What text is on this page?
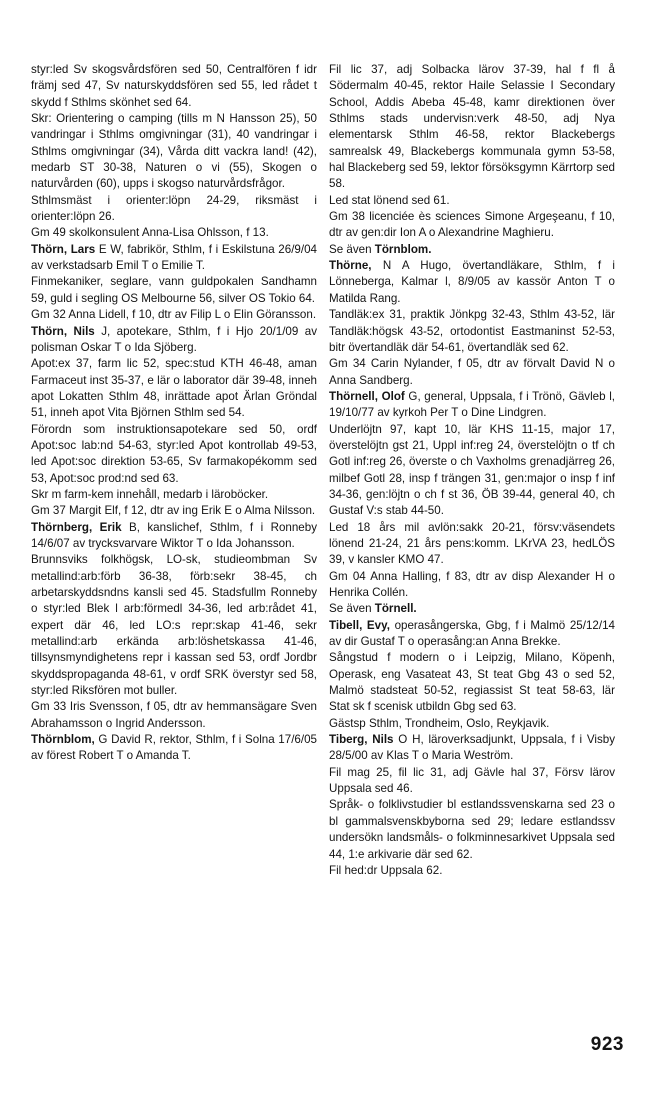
styr:led Sv skogsvårdsfören sed 50, Centralfören f idr främj sed 47, Sv naturskyddsfören sed 55, led rådet t skydd f Sthlms skönhet sed 64.

Skr: Orientering o camping (tills m N Hansson 25), 50 vandringar i Sthlms omgivningar (31), 40 vandringar i Sthlms omgivningar (34), Vårda ditt vackra land! (42), medarb ST 30-38, Naturen o vi (55), Skogen o naturvården (60), upps i skogso naturvårdsfrågor.

Sthlmsmäst i orienter:löpn 24-29, riksmäst i orienter:löpn 26.

Gm 49 skolkonsulent Anna-Lisa Ohlsson, f 13.

Thörn, Lars E W, fabrikör, Sthlm, f i Eskilstuna 26/9/04 av verkstadsarb Emil T o Emilie T.

Finmekaniker, seglare, vann guldpokalen Sandhamn 59, guld i segling OS Melbourne 56, silver OS Tokio 64.

Gm 32 Anna Lidell, f 10, dtr av Filip L o Elin Göransson.

Thörn, Nils J, apotekare, Sthlm, f i Hjo 20/1/09 av polisman Oskar T o Ida Sjöberg.

Apot:ex 37, farm lic 52, spec:stud KTH 46-48, aman Farmaceut inst 35-37, e lär o laborator där 39-48, inneh apot Lokatten Sthlm 48, inrättade apot Ärlan Gröndal 51, inneh apot Vita Björnen Sthlm sed 54.

Förordn som instruktionsapotekare sed 50, ordf Apot:soc lab:nd 54-63, styr:led Apot kontrollab 49-53, led Apot:soc direktion 53-65, Sv farmakopékomm sed 53, Apot:soc prod:nd sed 63.

Skr m farm-kem innehåll, medarb i läroböcker.

Gm 37 Margit Elf, f 12, dtr av ing Erik E o Alma Nilsson.

Thörnberg, Erik B, kanslichef, Sthlm, f i Ronneby 14/6/07 av trycksvarvare Wiktor T o Ida Johansson.

Brunnsviks folkhögsk, LO-sk, studieombman Sv metallind:arb:förb 36-38, förb:sekr 38-45, ch arbetarskyddsndns kansli sed 45. Stadsfullm Ronneby o styr:led Blek l arb:förmedl 34-36, led arb:rådet 41, expert där 46, led LO:s repr:skap 41-46, sekr metallind:arb erkända arb:löshetskassa 41-46, tillsynsmyndighetens repr i kassan sed 53, ordf Jordbr skyddspropaganda 48-61, v ordf SRK överstyr sed 58, styr:led Riksfören mot buller.

Gm 33 Iris Svensson, f 05, dtr av hemmansägare Sven Abrahamsson o Ingrid Andersson.

Thörnblom, G David R, rektor, Sthlm, f i Solna 17/6/05 av förest Robert T o Amanda T.

Fil lic 37, adj Solbacka lärov 37-39, hal f fl å Södermalm 40-45, rektor Haile Selassie I Secondary School, Addis Abeba 45-48, kamr direktionen över Sthlms stads undervisn:verk 48-50, adj Nya elementarsk Sthlm 46-58, rektor Blackebergs samrealsk 49, Blackebergs kommunala gymn 53-58, hal Blackeberg sed 59, lektor försöksgymn Kärrtorp sed 58.

Led stat lönend sed 61.

Gm 38 licenciée ès sciences Simone Argeşeanu, f 10, dtr av gen:dir Ion A o Alexandrine Maghieru.

Se även Törnblom.

Thörne, N A Hugo, övertandläkare, Sthlm, f i Lönneberga, Kalmar l, 8/9/05 av kassör Anton T o Matilda Rang.

Tandläk:ex 31, praktik Jönkpg 32-43, Sthlm 43-52, lär Tandläk:högsk 43-52, ortodontist Eastmaninst 52-53, bitr övertandläk där 54-61, övertandläk sed 62.

Gm 34 Carin Nylander, f 05, dtr av förvalt David N o Anna Sandberg.

Thörnell, Olof G, general, Uppsala, f i Trönö, Gävleb l, 19/10/77 av kyrkoh Per T o Dine Lindgren.

Underlöjtn 97, kapt 10, lär KHS 11-15, major 17, överstelöjtn gst 21, Uppl inf:reg 24, överstelöjtn o tf ch Gotl inf:reg 26, överste o ch Vaxholms grenadjärreg 26, milbef Gotl 28, insp f trängen 31, gen:major o insp f inf 34-36, gen:löjtn o ch f st 36, ÖB 39-44, general 40, ch Gustaf V:s stab 44-50.

Led 18 års mil avlön:sakk 20-21, försv:väsendets lönend 21-24, 21 års pens:komm. LKrVA 23, hedLÖS 39, v kansler KMO 47.

Gm 04 Anna Halling, f 83, dtr av disp Alexander H o Henrika Collén.

Se även Törnell.

Tibell, Evy, operasångerska, Gbg, f i Malmö 25/12/14 av dir Gustaf T o operasång:an Anna Brekke.

Sångstud f modern o i Leipzig, Milano, Köpenh, Operask, eng Vasateat 43, St teat Gbg 43 o sed 52, Malmö stadsteat 50-52, regiassist St teat 58-63, lär Stat sk f scenisk utbildn Gbg sed 63.

Gästsp Sthlm, Trondheim, Oslo, Reykjavik.

Tiberg, Nils O H, läroverksadjunkt, Uppsala, f i Visby 28/5/00 av Klas T o Maria Weström.

Fil mag 25, fil lic 31, adj Gävle hal 37, Försv lärov Uppsala sed 46.

Språk- o folklivstudier bl estlandssvenskarna sed 23 o bl gammalsvenskbyborna sed 29; ledare estlandssv undersökn landsmåls- o folkminnesarkivet Uppsala sed 44, 1:e arkivarie där sed 62.

Fil hed:dr Uppsala 62.

923
